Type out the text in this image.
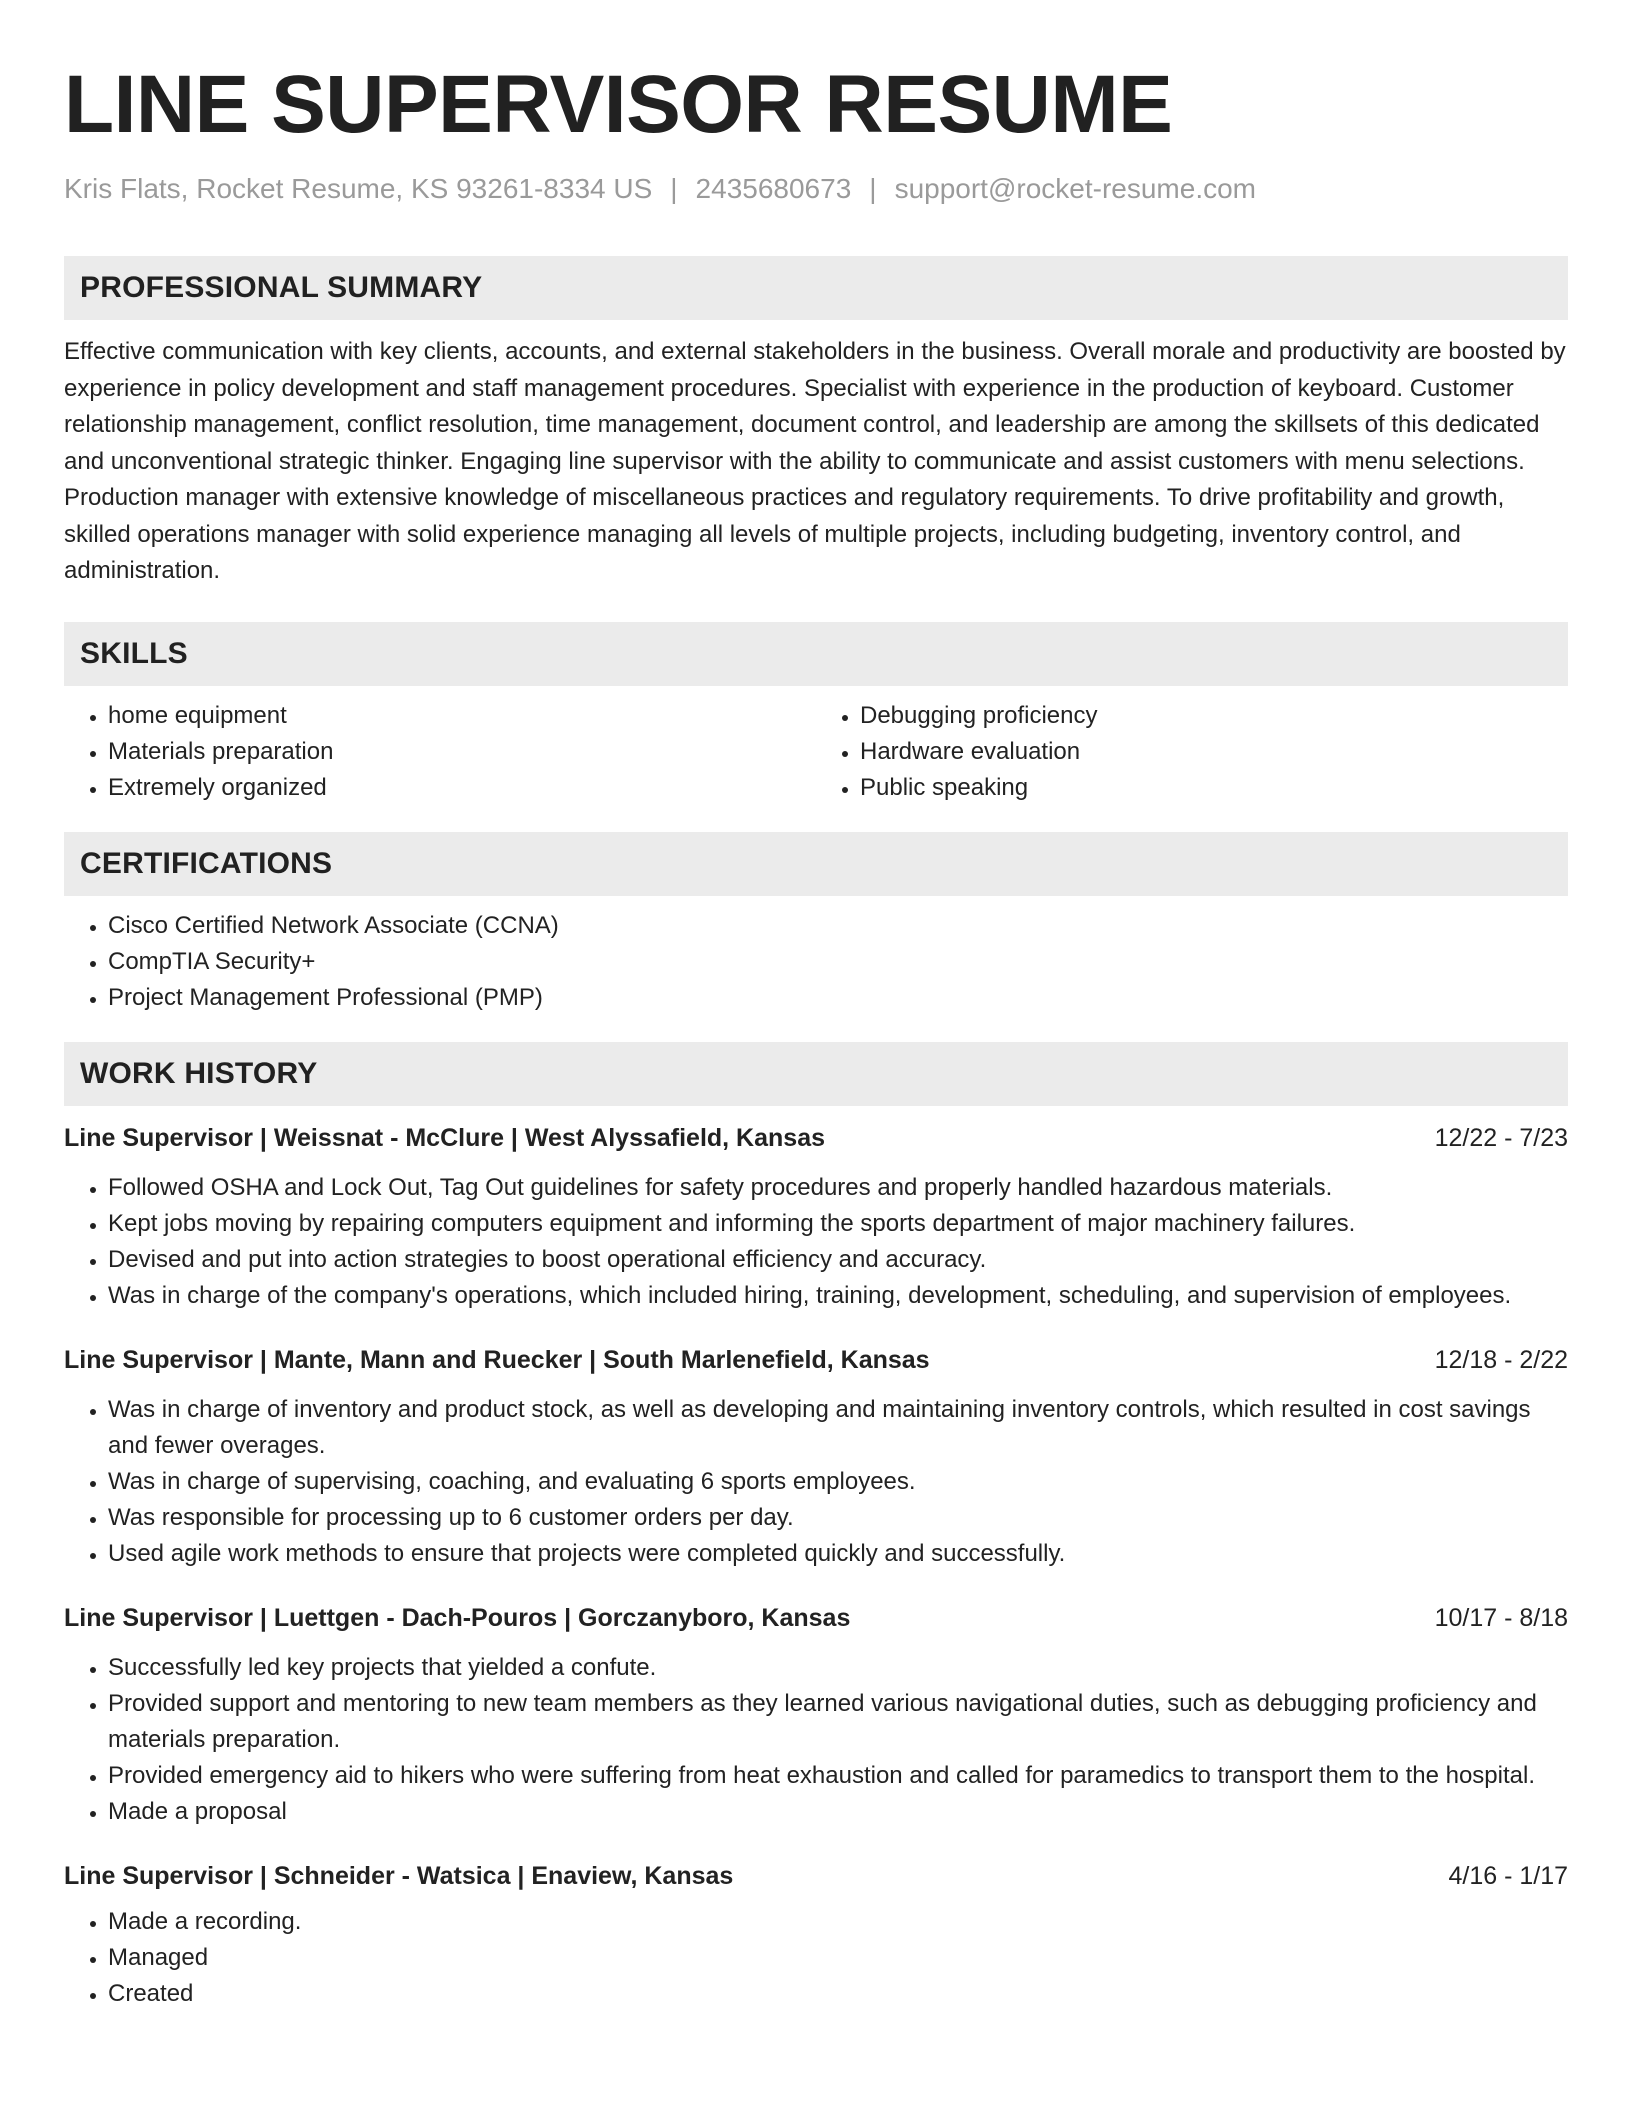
LINE SUPERVISOR RESUME
Kris Flats, Rocket Resume, KS 93261-8334 US | 2435680673 | support@rocket-resume.com
PROFESSIONAL SUMMARY
Effective communication with key clients, accounts, and external stakeholders in the business. Overall morale and productivity are boosted by experience in policy development and staff management procedures. Specialist with experience in the production of keyboard. Customer relationship management, conflict resolution, time management, document control, and leadership are among the skillsets of this dedicated and unconventional strategic thinker. Engaging line supervisor with the ability to communicate and assist customers with menu selections. Production manager with extensive knowledge of miscellaneous practices and regulatory requirements. To drive profitability and growth, skilled operations manager with solid experience managing all levels of multiple projects, including budgeting, inventory control, and administration.
SKILLS
• home equipment
• Materials preparation
• Extremely organized
• Debugging proficiency
• Hardware evaluation
• Public speaking
CERTIFICATIONS
• Cisco Certified Network Associate (CCNA)
• CompTIA Security+
• Project Management Professional (PMP)
WORK HISTORY
Line Supervisor | Weissnat - McClure | West Alyssafield, Kansas	12/22 - 7/23
• Followed OSHA and Lock Out, Tag Out guidelines for safety procedures and properly handled hazardous materials.
• Kept jobs moving by repairing computers equipment and informing the sports department of major machinery failures.
• Devised and put into action strategies to boost operational efficiency and accuracy.
• Was in charge of the company's operations, which included hiring, training, development, scheduling, and supervision of employees.
Line Supervisor | Mante, Mann and Ruecker | South Marlenefield, Kansas	12/18 - 2/22
• Was in charge of inventory and product stock, as well as developing and maintaining inventory controls, which resulted in cost savings and fewer overages.
• Was in charge of supervising, coaching, and evaluating 6 sports employees.
• Was responsible for processing up to 6 customer orders per day.
• Used agile work methods to ensure that projects were completed quickly and successfully.
Line Supervisor | Luettgen - Dach-Pouros | Gorczanyboro, Kansas	10/17 - 8/18
• Successfully led key projects that yielded a confute.
• Provided support and mentoring to new team members as they learned various navigational duties, such as debugging proficiency and materials preparation.
• Provided emergency aid to hikers who were suffering from heat exhaustion and called for paramedics to transport them to the hospital.
• Made a proposal
Line Supervisor | Schneider - Watsica | Enaview, Kansas	4/16 - 1/17
• Made a recording.
• Managed
• Created
